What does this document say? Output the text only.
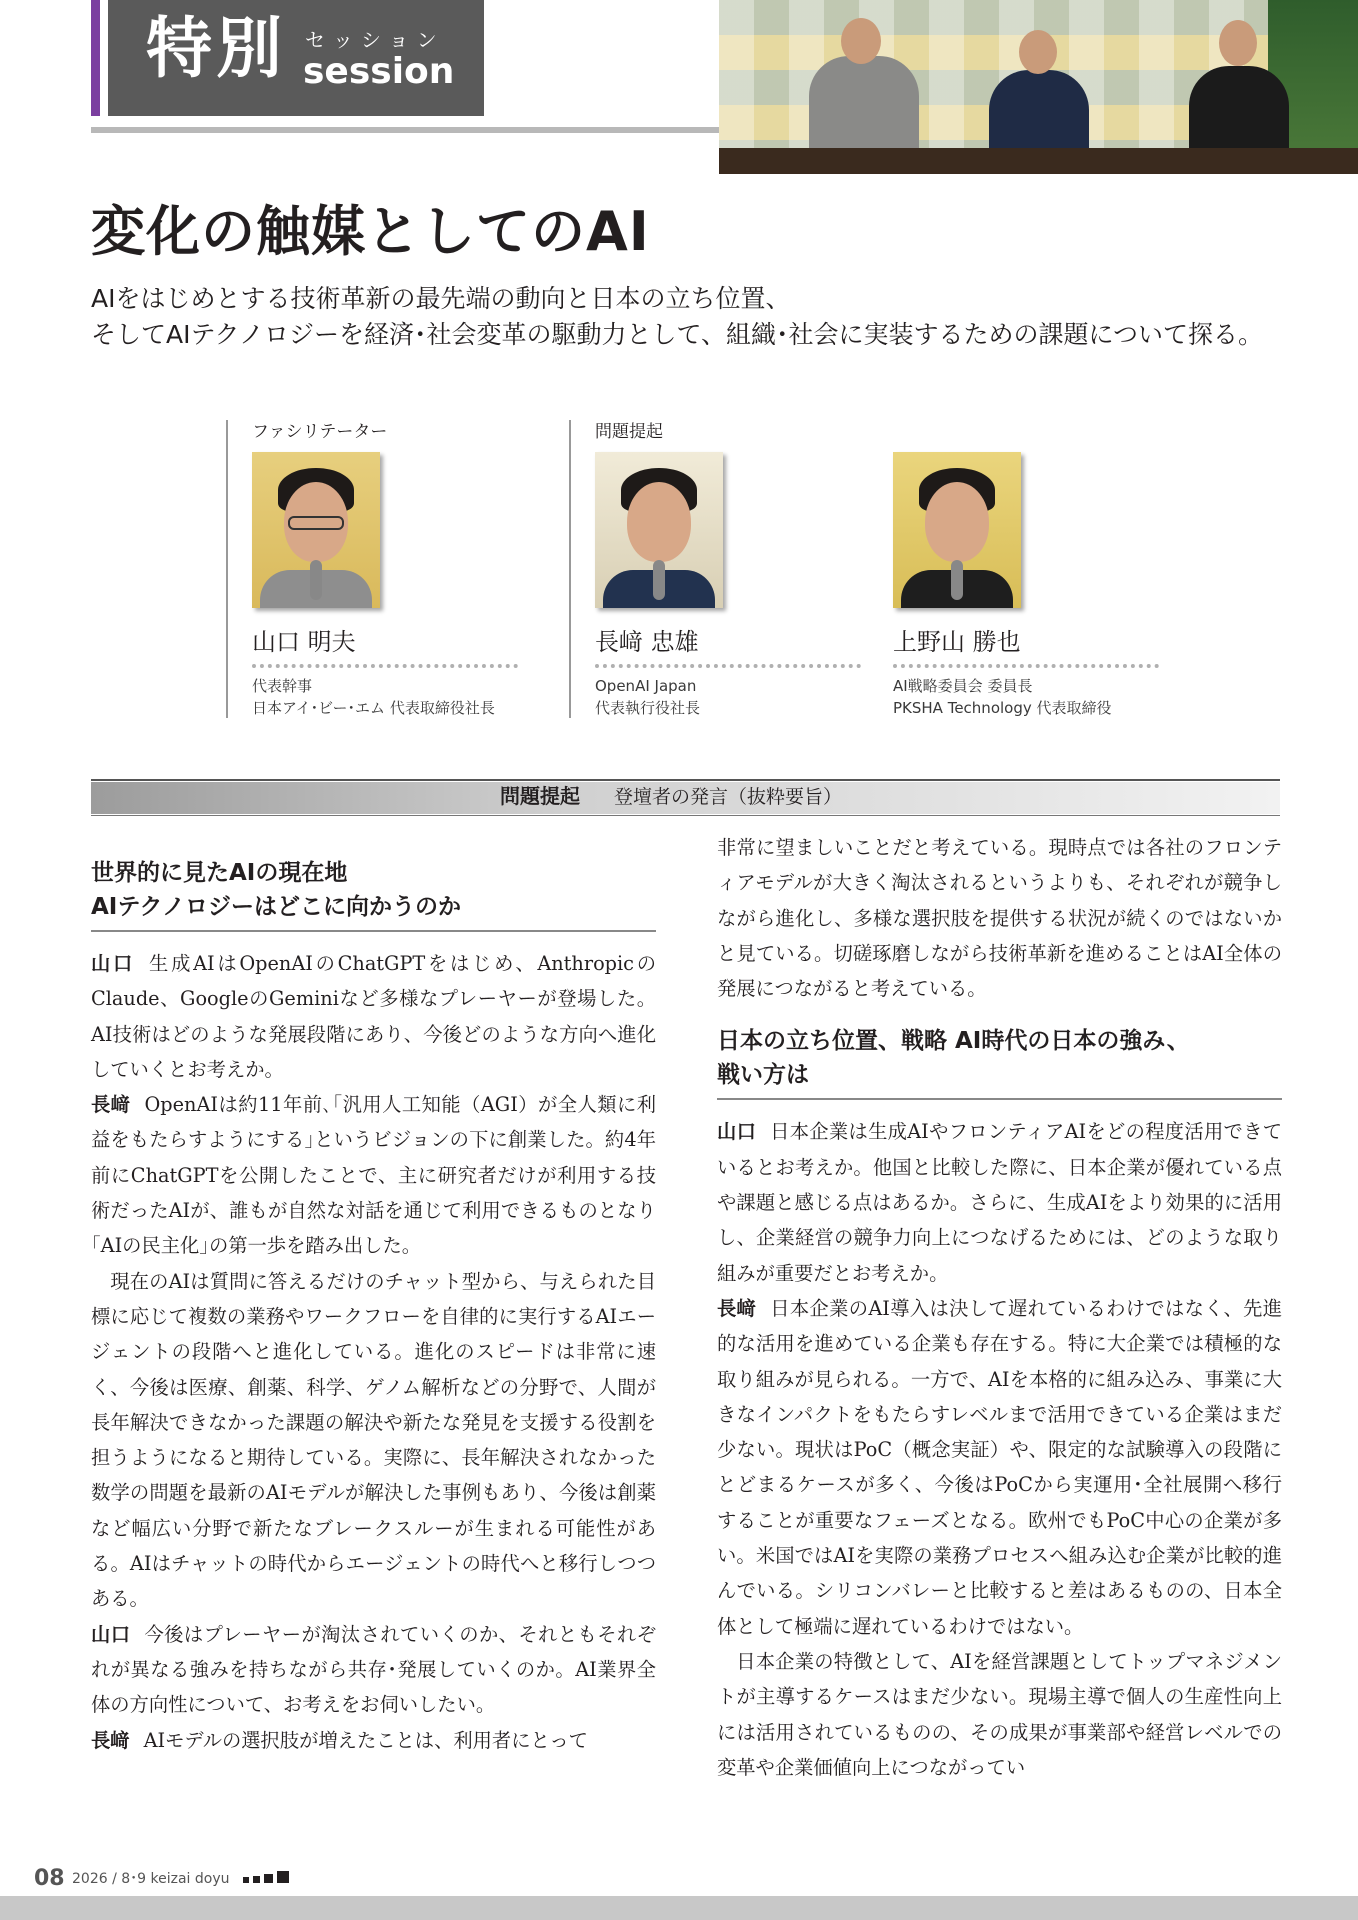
特別 セッション
session
変化の触媒としてのAI
AIをはじめとする技術革新の最先端の動向と日本の立ち位置、
そしてAIテクノロジーを経済･社会変革の駆動力として、組織･社会に実装するための課題について探る。
ファシリテーター
山口 明夫
代表幹事
日本アイ･ビー･エム 代表取締役社長
問題提起
長﨑 忠雄
OpenAI Japan
代表執行役社長
上野山 勝也
AI戦略委員会 委員長
PKSHA Technology 代表取締役
問題提起 登壇者の発言（抜粋要旨）
世界的に見たAIの現在地
AIテクノロジーはどこに向かうのか

山口 生成AIはOpenAIのChatGPTをはじめ、AnthropicのClaude、GoogleのGeminiなど多様なプレーヤーが登場した。AI技術はどのような発展段階にあり、今後どのような方向へ進化していくとお考えか。

長﨑 OpenAIは約11年前､｢汎用人工知能（AGI）が全人類に利益をもたらすようにする｣というビジョンの下に創業した。約4年前にChatGPTを公開したことで、主に研究者だけが利用する技術だったAIが、誰もが自然な対話を通じて利用できるものとなり｢AIの民主化｣の第一歩を踏み出した。

現在のAIは質問に答えるだけのチャット型から、与えられた目標に応じて複数の業務やワークフローを自律的に実行するAIエージェントの段階へと進化している。進化のスピードは非常に速く、今後は医療、創薬、科学、ゲノム解析などの分野で、人間が長年解決できなかった課題の解決や新たな発見を支援する役割を担うようになると期待している。実際に、長年解決されなかった数学の問題を最新のAIモデルが解決した事例もあり、今後は創薬など幅広い分野で新たなブレークスルーが生まれる可能性がある。AIはチャットの時代からエージェントの時代へと移行しつつある。

山口 今後はプレーヤーが淘汰されていくのか、それともそれぞれが異なる強みを持ちながら共存･発展していくのか。AI業界全体の方向性について、お考えをお伺いしたい。

長﨑 AIモデルの選択肢が増えたことは、利用者にとって

非常に望ましいことだと考えている。現時点では各社のフロンティアモデルが大きく淘汰されるというよりも、それぞれが競争しながら進化し、多様な選択肢を提供する状況が続くのではないかと見ている。切磋琢磨しながら技術革新を進めることはAI全体の発展につながると考えている。

日本の立ち位置、戦略 AI時代の日本の強み、
戦い方は

山口 日本企業は生成AIやフロンティアAIをどの程度活用できているとお考えか。他国と比較した際に、日本企業が優れている点や課題と感じる点はあるか。さらに、生成AIをより効果的に活用し、企業経営の競争力向上につなげるためには、どのような取り組みが重要だとお考えか。

長﨑 日本企業のAI導入は決して遅れているわけではなく、先進的な活用を進めている企業も存在する。特に大企業では積極的な取り組みが見られる。一方で、AIを本格的に組み込み、事業に大きなインパクトをもたらすレベルまで活用できている企業はまだ少ない。現状はPoC（概念実証）や、限定的な試験導入の段階にとどまるケースが多く、今後はPoCから実運用･全社展開へ移行することが重要なフェーズとなる。欧州でもPoC中心の企業が多い。米国ではAIを実際の業務プロセスへ組み込む企業が比較的進んでいる。シリコンバレーと比較すると差はあるものの、日本全体として極端に遅れているわけではない。

日本企業の特徴として、AIを経営課題としてトップマネジメントが主導するケースはまだ少ない。現場主導で個人の生産性向上には活用されているものの、その成果が事業部や経営レベルでの変革や企業価値向上につながってい

08 2026 / 8･9 keizai doyu
